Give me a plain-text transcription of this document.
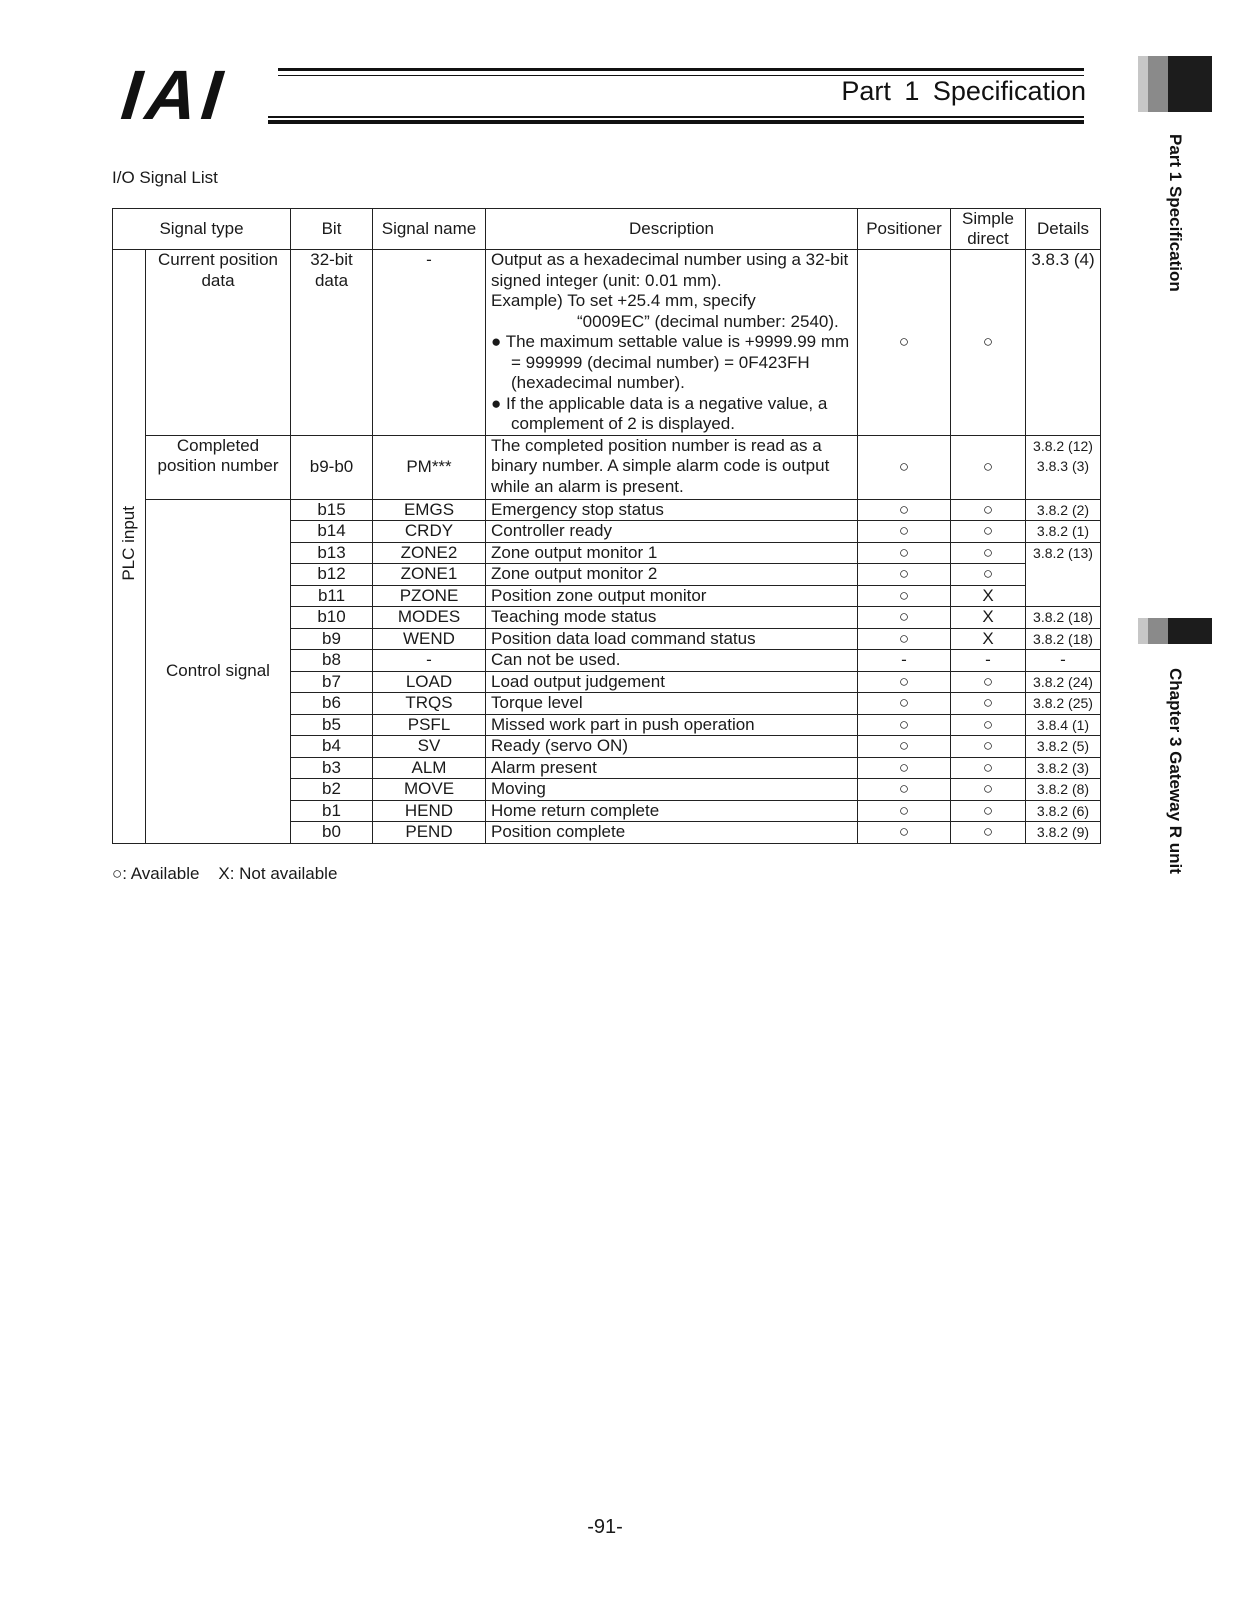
IAI	Part 1 Specification
Part 1 Specification
Chapter 3 Gateway R unit
I/O Signal List
Signal type		Bit	Signal name	Description	Positioner	Simple direct	Details
PLC input	Current position data	32-bit data	-	Output as a hexadecimal number using a 32-bit signed integer (unit: 0.01 mm).
Example) To set +25.4 mm, specify
“0009EC” (decimal number: 2540).
● The maximum settable value is +9999.99 mm = 999999 (decimal number) = 0F423FH (hexadecimal number).
● If the applicable data is a negative value, a complement of 2 is displayed.	○	○	3.8.3 (4)
	Completed position number	b9-b0	PM***	The completed position number is read as a binary number. A simple alarm code is output while an alarm is present.	○	○	3.8.2 (12)
3.8.3 (3)

	Control signal	b15	EMGS	Emergency stop status	○	○	3.8.2 (2)
		b14	CRDY	Controller ready	○	○	3.8.2 (1)
		b13	ZONE2	Zone output monitor 1	○	○	3.8.2 (13)
		b12	ZONE1	Zone output monitor 2	○	○	
		b11	PZONE	Position zone output monitor	○	X	
		b10	MODES	Teaching mode status	○	X	3.8.2 (18)
		b9	WEND	Position data load command status	○	X	3.8.2 (18)
		b8	-	Can not be used.	-	-	-
		b7	LOAD	Load output judgement	○	○	3.8.2 (24)
		b6	TRQS	Torque level	○	○	3.8.2 (25)
		b5	PSFL	Missed work part in push operation	○	○	3.8.4 (1)
		b4	SV	Ready (servo ON)	○	○	3.8.2 (5)
		b3	ALM	Alarm present	○	○	3.8.2 (3)
		b2	MOVE	Moving	○	○	3.8.2 (8)
		b1	HEND	Home return complete	○	○	3.8.2 (6)
		b0	PEND	Position complete	○	○	3.8.2 (9)
○: Available    X: Not available
-91-
